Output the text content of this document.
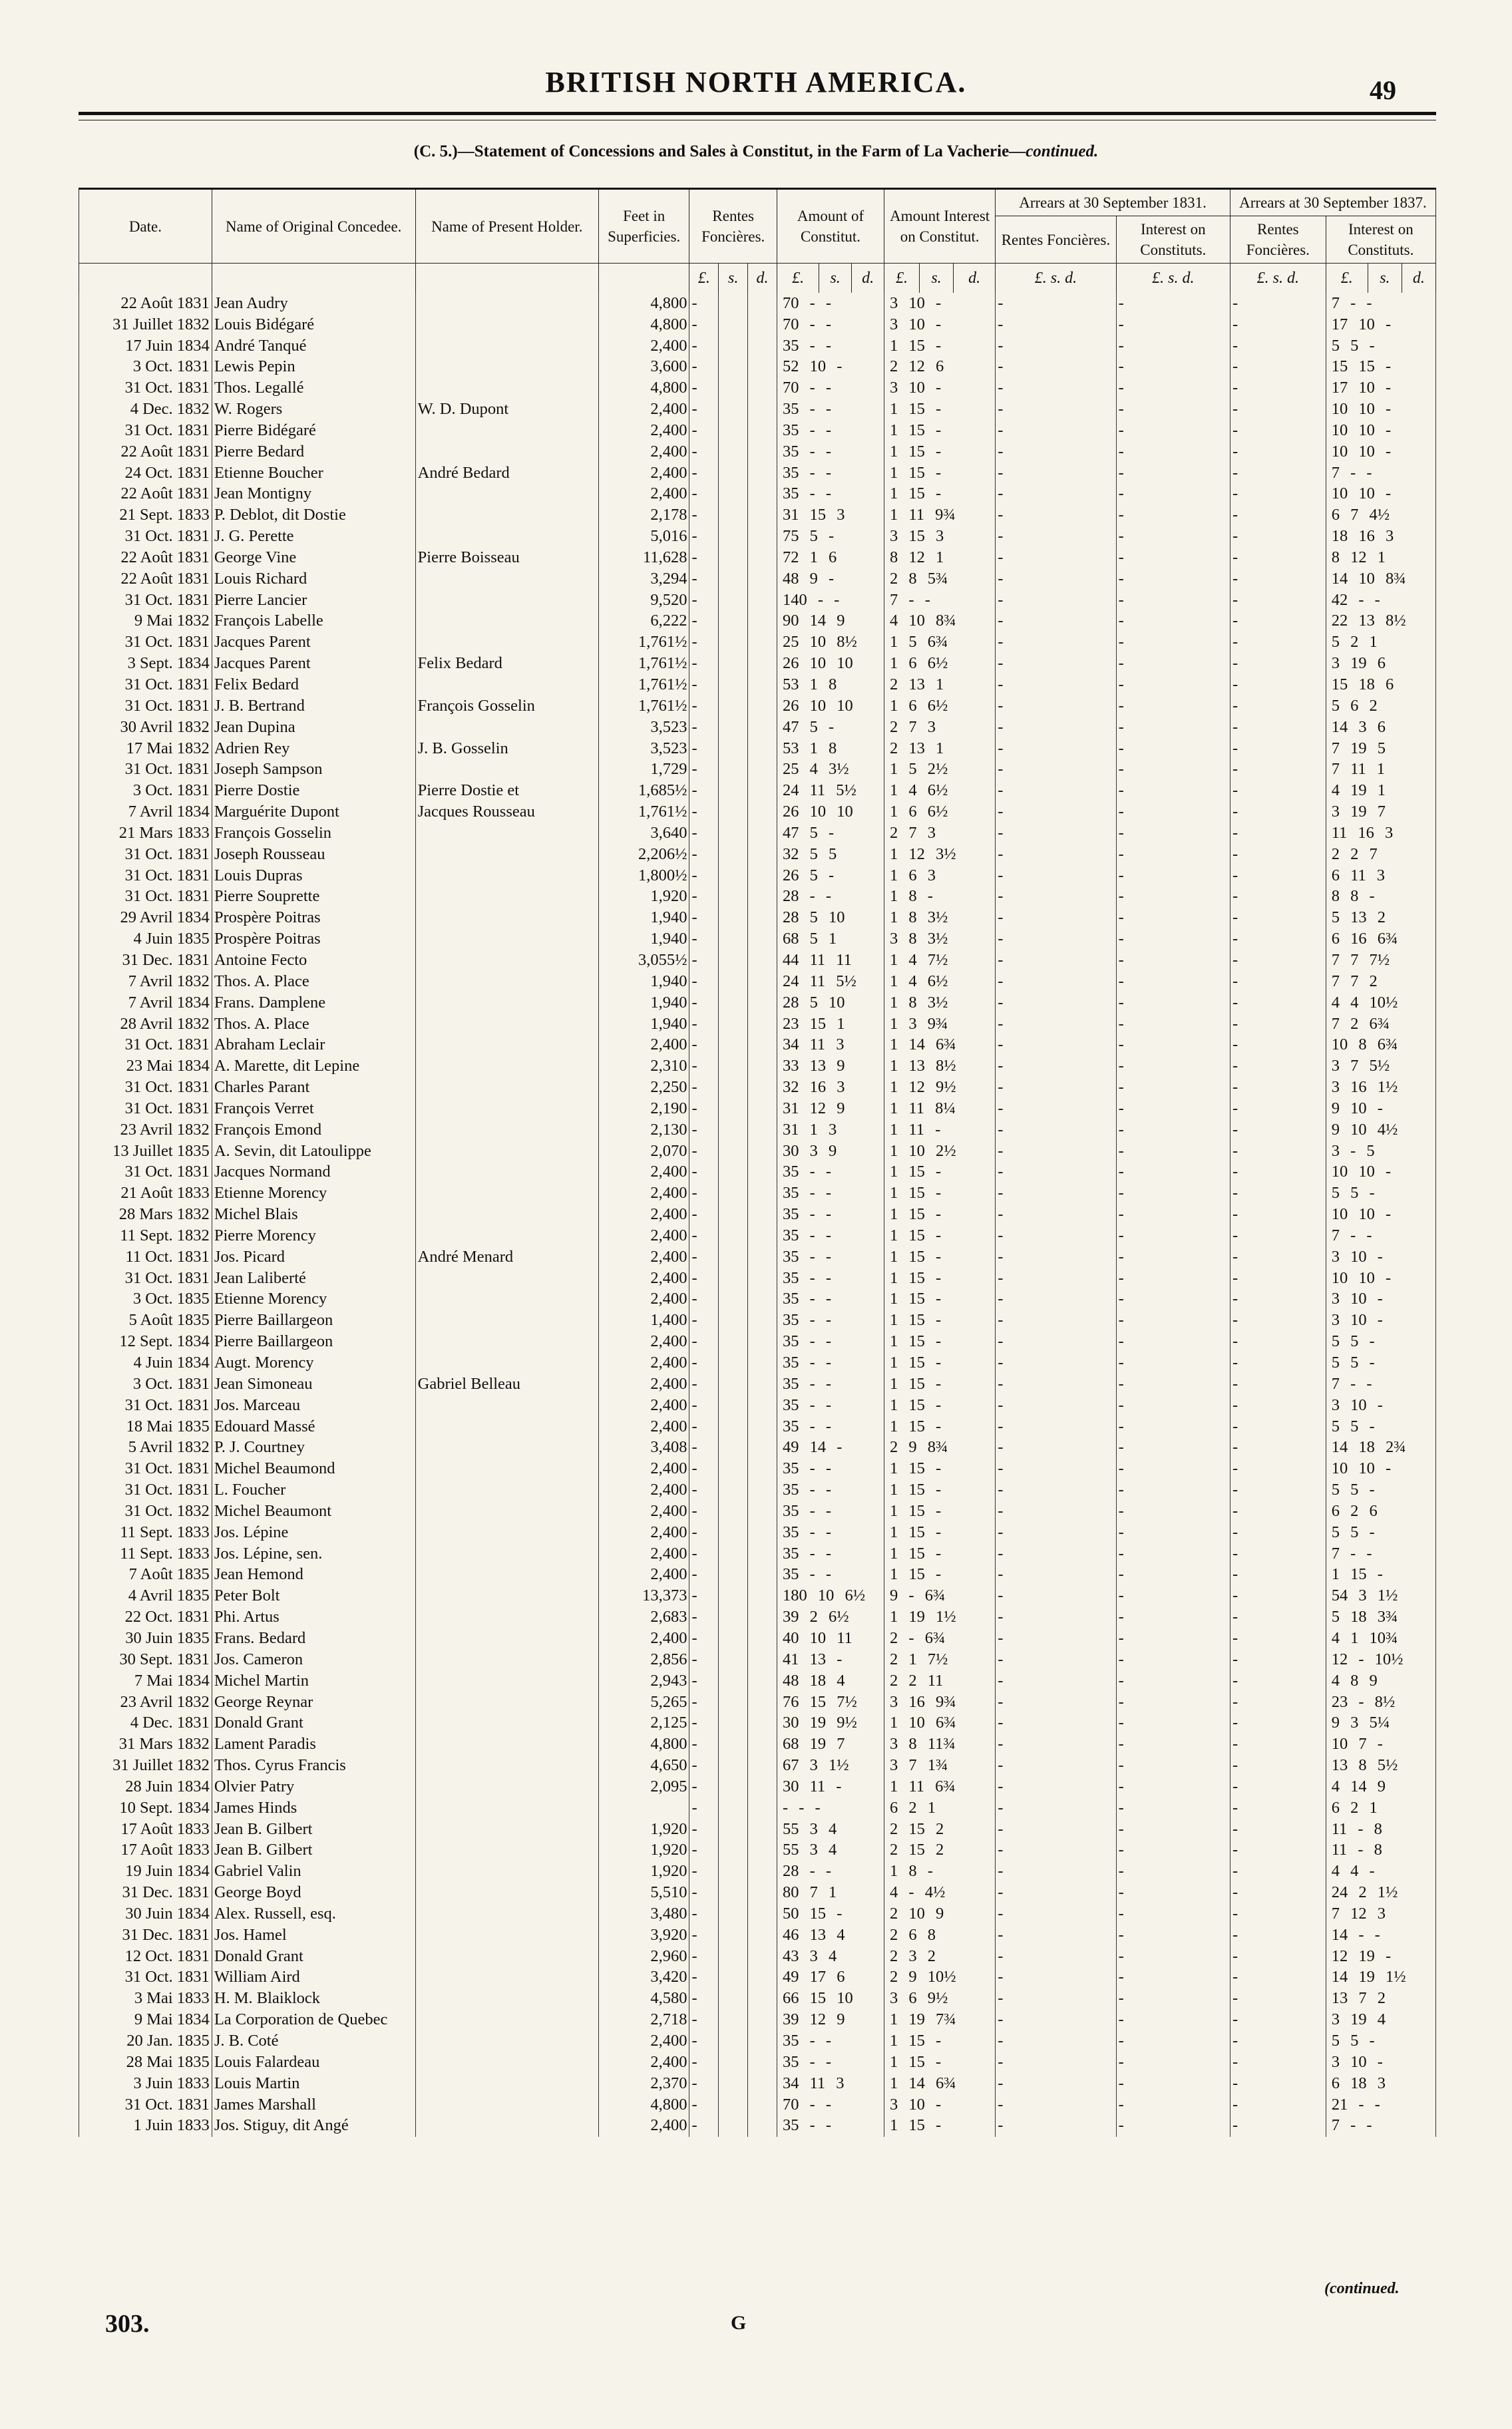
BRITISH NORTH AMERICA.	49
(C. 5.)—Statement of Concessions and Sales à Constitut, in the Farm of La Vacherie—continued.
Date.	Name of Original Concedee.	Name of Present Holder.	Feet in Superficies.	Rentes Foncières.			Amount of Constitut.			Amount Interest on Constitut.			Arrears at 30 September 1831.		Arrears at 30 September 1837.			
													Rentes Foncières.	Interest on Constituts.	Rentes Foncières.	Interest on Constituts.		
				£.	s.	d.	£.	s.	d.	£.	s.	d.	£. s. d.	£. s. d.	£. s. d.	£.	s.	d.
22 Août 1831	Jean Audry		4,800	-			70 - -			3 10 -			-	-	-	7 - -		
31 Juillet 1832	Louis Bidégaré		4,800	-			70 - -			3 10 -			-	-	-	17 10 -		
17 Juin 1834	André Tanqué		2,400	-			35 - -			1 15 -			-	-	-	5 5 -		
3 Oct. 1831	Lewis Pepin		3,600	-			52 10 -			2 12 6			-	-	-	15 15 -		
31 Oct. 1831	Thos. Legallé		4,800	-			70 - -			3 10 -			-	-	-	17 10 -		
4 Dec. 1832	W. Rogers	W. D. Dupont	2,400	-			35 - -			1 15 -			-	-	-	10 10 -		
31 Oct. 1831	Pierre Bidégaré		2,400	-			35 - -			1 15 -			-	-	-	10 10 -		
22 Août 1831	Pierre Bedard		2,400	-			35 - -			1 15 -			-	-	-	10 10 -		
24 Oct. 1831	Etienne Boucher	André Bedard	2,400	-			35 - -			1 15 -			-	-	-	7 - -		
22 Août 1831	Jean Montigny		2,400	-			35 - -			1 15 -			-	-	-	10 10 -		
21 Sept. 1833	P. Deblot, dit Dostie		2,178	-			31 15 3			1 11 9¾			-	-	-	6 7 4½		
31 Oct. 1831	J. G. Perette		5,016	-			75 5 -			3 15 3			-	-	-	18 16 3		
22 Août 1831	George Vine	Pierre Boisseau	11,628	-			72 1 6			8 12 1			-	-	-	8 12 1		
22 Août 1831	Louis Richard		3,294	-			48 9 -			2 8 5¾			-	-	-	14 10 8¾		
31 Oct. 1831	Pierre Lancier		9,520	-			140 - -			7 - -			-	-	-	42 - -		
9 Mai 1832	François Labelle		6,222	-			90 14 9			4 10 8¾			-	-	-	22 13 8½		
31 Oct. 1831	Jacques Parent		1,761½	-			25 10 8½			1 5 6¾			-	-	-	5 2 1		
3 Sept. 1834	Jacques Parent	Felix Bedard	1,761½	-			26 10 10			1 6 6½			-	-	-	3 19 6		
31 Oct. 1831	Felix Bedard		1,761½	-			53 1 8			2 13 1			-	-	-	15 18 6		
31 Oct. 1831	J. B. Bertrand	François Gosselin	1,761½	-			26 10 10			1 6 6½			-	-	-	5 6 2		
30 Avril 1832	Jean Dupina		3,523	-			47 5 -			2 7 3			-	-	-	14 3 6		
17 Mai 1832	Adrien Rey	J. B. Gosselin	3,523	-			53 1 8			2 13 1			-	-	-	7 19 5		
31 Oct. 1831	Joseph Sampson		1,729	-			25 4 3½			1 5 2½			-	-	-	7 11 1		
3 Oct. 1831	Pierre Dostie	Pierre Dostie et	1,685½	-			24 11 5½			1 4 6½			-	-	-	4 19 1		
7 Avril 1834	Marguérite Dupont	Jacques Rousseau	1,761½	-			26 10 10			1 6 6½			-	-	-	3 19 7		
21 Mars 1833	François Gosselin		3,640	-			47 5 -			2 7 3			-	-	-	11 16 3		
31 Oct. 1831	Joseph Rousseau		2,206½	-			32 5 5			1 12 3½			-	-	-	2 2 7		
31 Oct. 1831	Louis Dupras		1,800½	-			26 5 -			1 6 3			-	-	-	6 11 3		
31 Oct. 1831	Pierre Souprette		1,920	-			28 - -			1 8 -			-	-	-	8 8 -		
29 Avril 1834	Prospère Poitras		1,940	-			28 5 10			1 8 3½			-	-	-	5 13 2		
4 Juin 1835	Prospère Poitras		1,940	-			68 5 1			3 8 3½			-	-	-	6 16 6¾		
31 Dec. 1831	Antoine Fecto		3,055½	-			44 11 11			1 4 7½			-	-	-	7 7 7½		
7 Avril 1832	Thos. A. Place		1,940	-			24 11 5½			1 4 6½			-	-	-	7 7 2		
7 Avril 1834	Frans. Damplene		1,940	-			28 5 10			1 8 3½			-	-	-	4 4 10½		
28 Avril 1832	Thos. A. Place		1,940	-			23 15 1			1 3 9¾			-	-	-	7 2 6¾		
31 Oct. 1831	Abraham Leclair		2,400	-			34 11 3			1 14 6¾			-	-	-	10 8 6¾		
23 Mai 1834	A. Marette, dit Lepine		2,310	-			33 13 9			1 13 8½			-	-	-	3 7 5½		
31 Oct. 1831	Charles Parant		2,250	-			32 16 3			1 12 9½			-	-	-	3 16 1½		
31 Oct. 1831	François Verret		2,190	-			31 12 9			1 11 8¼			-	-	-	9 10 -		
23 Avril 1832	François Emond		2,130	-			31 1 3			1 11 -			-	-	-	9 10 4½		
13 Juillet 1835	A. Sevin, dit Latoulippe		2,070	-			30 3 9			1 10 2½			-	-	-	3 - 5		
31 Oct. 1831	Jacques Normand		2,400	-			35 - -			1 15 -			-	-	-	10 10 -		
21 Août 1833	Etienne Morency		2,400	-			35 - -			1 15 -			-	-	-	5 5 -		
28 Mars 1832	Michel Blais		2,400	-			35 - -			1 15 -			-	-	-	10 10 -		
11 Sept. 1832	Pierre Morency		2,400	-			35 - -			1 15 -			-	-	-	7 - -		
11 Oct. 1831	Jos. Picard	André Menard	2,400	-			35 - -			1 15 -			-	-	-	3 10 -		
31 Oct. 1831	Jean Laliberté		2,400	-			35 - -			1 15 -			-	-	-	10 10 -		
3 Oct. 1835	Etienne Morency		2,400	-			35 - -			1 15 -			-	-	-	3 10 -		
5 Août 1835	Pierre Baillargeon		1,400	-			35 - -			1 15 -			-	-	-	3 10 -		
12 Sept. 1834	Pierre Baillargeon		2,400	-			35 - -			1 15 -			-	-	-	5 5 -		
4 Juin 1834	Augt. Morency		2,400	-			35 - -			1 15 -			-	-	-	5 5 -		
3 Oct. 1831	Jean Simoneau	Gabriel Belleau	2,400	-			35 - -			1 15 -			-	-	-	7 - -		
31 Oct. 1831	Jos. Marceau		2,400	-			35 - -			1 15 -			-	-	-	3 10 -		
18 Mai 1835	Edouard Massé		2,400	-			35 - -			1 15 -			-	-	-	5 5 -		
5 Avril 1832	P. J. Courtney		3,408	-			49 14 -			2 9 8¾			-	-	-	14 18 2¾		
31 Oct. 1831	Michel Beaumond		2,400	-			35 - -			1 15 -			-	-	-	10 10 -		
31 Oct. 1831	L. Foucher		2,400	-			35 - -			1 15 -			-	-	-	5 5 -		
31 Oct. 1832	Michel Beaumont		2,400	-			35 - -			1 15 -			-	-	-	6 2 6		
11 Sept. 1833	Jos. Lépine		2,400	-			35 - -			1 15 -			-	-	-	5 5 -		
11 Sept. 1833	Jos. Lépine, sen.		2,400	-			35 - -			1 15 -			-	-	-	7 - -		
7 Août 1835	Jean Hemond		2,400	-			35 - -			1 15 -			-	-	-	1 15 -		
4 Avril 1835	Peter Bolt		13,373	-			180 10 6½			9 - 6¾			-	-	-	54 3 1½		
22 Oct. 1831	Phi. Artus		2,683	-			39 2 6½			1 19 1½			-	-	-	5 18 3¾		
30 Juin 1835	Frans. Bedard		2,400	-			40 10 11			2 - 6¾			-	-	-	4 1 10¾		
30 Sept. 1831	Jos. Cameron		2,856	-			41 13 -			2 1 7½			-	-	-	12 - 10½		
7 Mai 1834	Michel Martin		2,943	-			48 18 4			2 2 11			-	-	-	4 8 9		
23 Avril 1832	George Reynar		5,265	-			76 15 7½			3 16 9¾			-	-	-	23 - 8½		
4 Dec. 1831	Donald Grant		2,125	-			30 19 9½			1 10 6¾			-	-	-	9 3 5¼		
31 Mars 1832	Lament Paradis		4,800	-			68 19 7			3 8 11¾			-	-	-	10 7 -		
31 Juillet 1832	Thos. Cyrus Francis		4,650	-			67 3 1½			3 7 1¾			-	-	-	13 8 5½		
28 Juin 1834	Olvier Patry		2,095	-			30 11 -			1 11 6¾			-	-	-	4 14 9		
10 Sept. 1834	James Hinds			-			- - -			6 2 1			-	-	-	6 2 1		
17 Août 1833	Jean B. Gilbert		1,920	-			55 3 4			2 15 2			-	-	-	11 - 8		
17 Août 1833	Jean B. Gilbert		1,920	-			55 3 4			2 15 2			-	-	-	11 - 8		
19 Juin 1834	Gabriel Valin		1,920	-			28 - -			1 8 -			-	-	-	4 4 -		
31 Dec. 1831	George Boyd		5,510	-			80 7 1			4 - 4½			-	-	-	24 2 1½		
30 Juin 1834	Alex. Russell, esq.		3,480	-			50 15 -			2 10 9			-	-	-	7 12 3		
31 Dec. 1831	Jos. Hamel		3,920	-			46 13 4			2 6 8			-	-	-	14 - -		
12 Oct. 1831	Donald Grant		2,960	-			43 3 4			2 3 2			-	-	-	12 19 -		
31 Oct. 1831	William Aird		3,420	-			49 17 6			2 9 10½			-	-	-	14 19 1½		
3 Mai 1833	H. M. Blaiklock		4,580	-			66 15 10			3 6 9½			-	-	-	13 7 2		
9 Mai 1834	La Corporation de Quebec		2,718	-			39 12 9			1 19 7¾			-	-	-	3 19 4		
20 Jan. 1835	J. B. Coté		2,400	-			35 - -			1 15 -			-	-	-	5 5 -		
28 Mai 1835	Louis Falardeau		2,400	-			35 - -			1 15 -			-	-	-	3 10 -		
3 Juin 1833	Louis Martin		2,370	-			34 11 3			1 14 6¾			-	-	-	6 18 3		
31 Oct. 1831	James Marshall		4,800	-			70 - -			3 10 -			-	-	-	21 - -		
1 Juin 1833	Jos. Stiguy, dit Angé		2,400	-			35 - -			1 15 -			-	-	-	7 - -		
(continued.
303.	G
